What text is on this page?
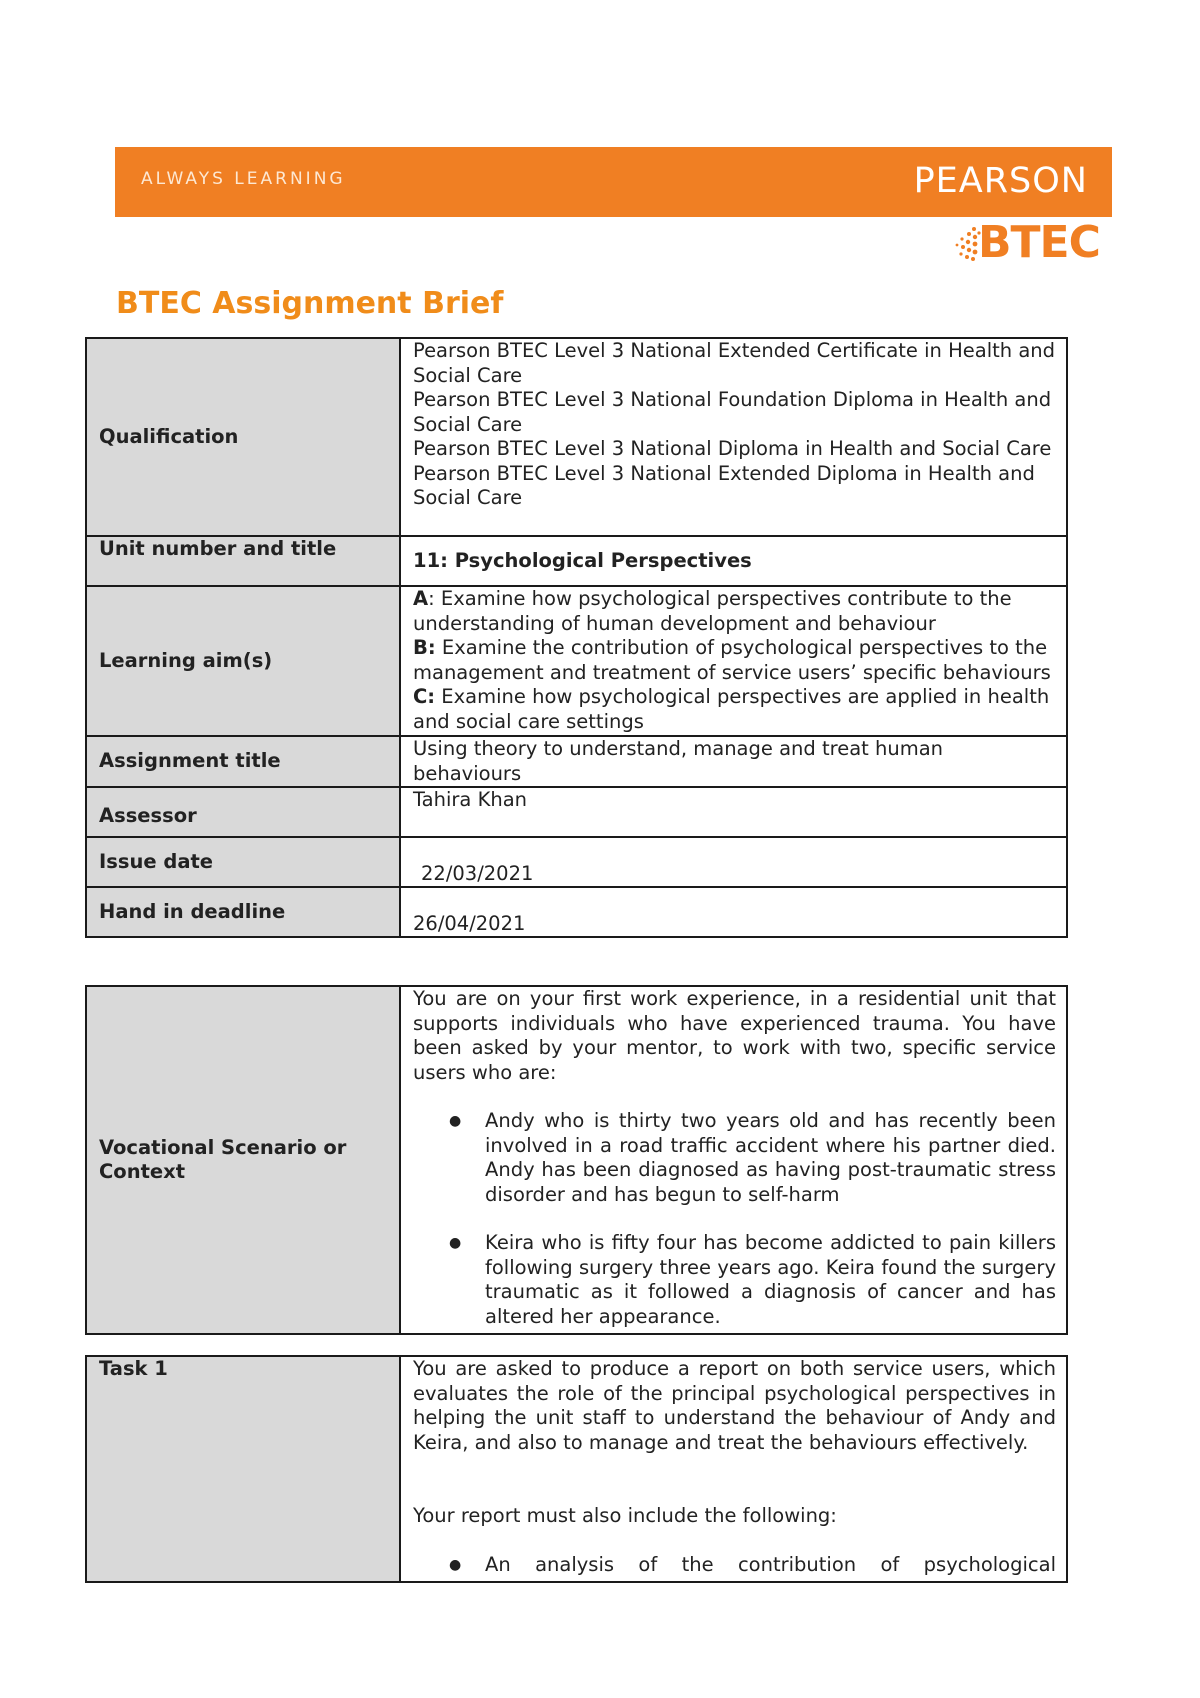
ALWAYS LEARNING	PEARSON
BTEC
BTEC Assignment Brief
Qualification	Pearson BTEC Level 3 National Extended Certificate in Health and Social Care
Pearson BTEC Level 3 National Foundation Diploma in Health and Social Care
Pearson BTEC Level 3 National Diploma in Health and Social Care
Pearson BTEC Level 3 National Extended Diploma in Health and Social Care

Unit number and title	11: Psychological Perspectives
Learning aim(s)	A: Examine how psychological perspectives contribute to the understanding of human development and behaviour
B: Examine the contribution of psychological perspectives to the management and treatment of service users’ specific behaviours
C: Examine how psychological perspectives are applied in health and social care settings

Assignment title	Using theory to understand, manage and treat human behaviours
Assessor	Tahira Khan
Issue date	22/03/2021
Hand in deadline	26/04/2021
Vocational Scenario or Context	
You are on your first work experience, in a residential unit that supports individuals who have experienced trauma. You have been asked by your mentor, to work with two, specific service users who are:
● Andy who is thirty two years old and has recently been involved in a road traffic accident where his partner died. Andy has been diagnosed as having post-traumatic stress disorder and has begun to self-harm
● Keira who is fifty four has become addicted to pain killers following surgery three years ago. Keira found the surgery traumatic as it followed a diagnosis of cancer and has altered her appearance.
Task 1	You are asked to produce a report on both service users, which evaluates the role of the principal psychological perspectives in helping the unit staff to understand the behaviour of Andy and Keira, and also to manage and treat the behaviours effectively.
Your report must also include the following:
● An analysis of the contribution of psychological
